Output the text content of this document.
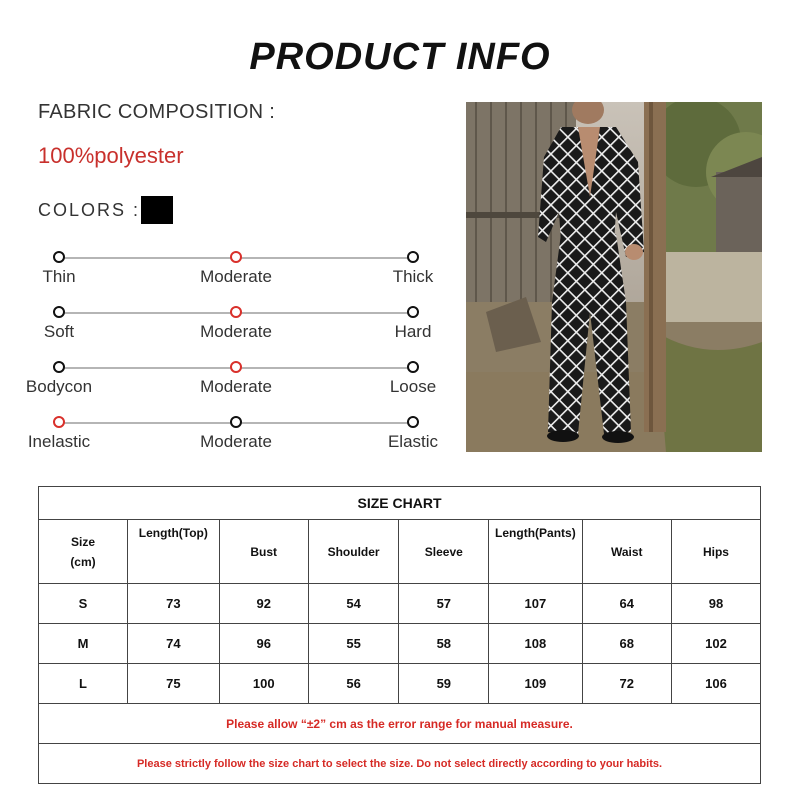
PRODUCT INFO
FABRIC COMPOSITION :
100%polyester
COLORS :
Thin	Moderate	Thick
Soft	Moderate	Hard
Bodycon	Moderate	Loose
Inelastic	Moderate	Elastic
SIZE CHART							

Size
(cm)	Length(Top)	Bust	Shoulder	Sleeve	Length(Pants)	Waist	Hips
S	73	92	54	57	107	64	98
M	74	96	55	58	108	68	102
L	75	100	56	59	109	72	106
Please allow “±2” cm as the error range for manual measure.							
Please strictly follow the size chart to select the size. Do not select directly according to your habits.							
